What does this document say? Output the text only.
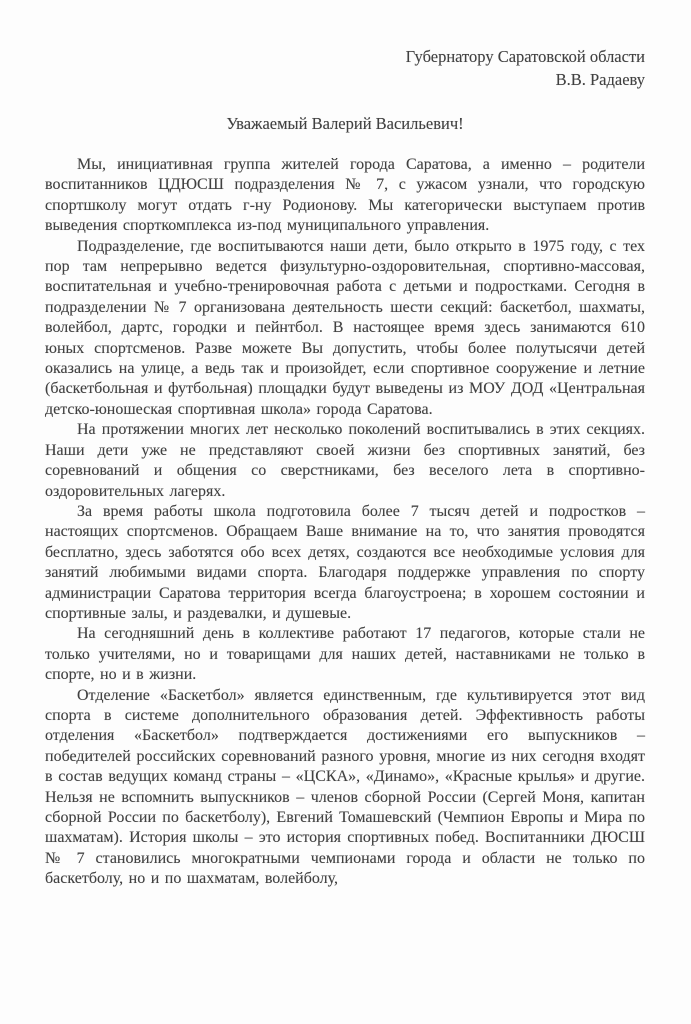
Губернатору Саратовской области
В.В. Радаеву
Уважаемый Валерий Васильевич!

Мы, инициативная группа жителей города Саратова, а именно – родители воспитанников ЦДЮСШ подразделения № 7, с ужасом узнали, что городскую спортшколу могут отдать г-ну Родионову. Мы категорически выступаем против выведения спорткомплекса из-под муниципального управления.

Подразделение, где воспитываются наши дети, было открыто в 1975 году, с тех пор там непрерывно ведется физультурно-оздоровительная, спортивно-массовая, воспитательная и учебно-тренировочная работа с детьми и подростками. Сегодня в подразделении № 7 организована деятельность шести секций: баскетбол, шахматы, волейбол, дартс, городки и пейнтбол. В настоящее время здесь занимаются 610 юных спортсменов. Разве можете Вы допустить, чтобы более полутысячи детей оказались на улице, а ведь так и произойдет, если спортивное сооружение и летние (баскетбольная и футбольная) площадки будут выведены из МОУ ДОД «Центральная детско-юношеская спортивная школа» города Саратова.

На протяжении многих лет несколько поколений воспитывались в этих секциях. Наши дети уже не представляют своей жизни без спортивных занятий, без соревнований и общения со сверстниками, без веселого лета в спортивно-оздоровительных лагерях.

За время работы школа подготовила более 7 тысяч детей и подростков – настоящих спортсменов. Обращаем Ваше внимание на то, что занятия проводятся бесплатно, здесь заботятся обо всех детях, создаются все необходимые условия для занятий любимыми видами спорта. Благодаря поддержке управления по спорту администрации Саратова территория всегда благоустроена; в хорошем состоянии и спортивные залы, и раздевалки, и душевые.

На сегодняшний день в коллективе работают 17 педагогов, которые стали не только учителями, но и товарищами для наших детей, наставниками не только в спорте, но и в жизни.

Отделение «Баскетбол» является единственным, где культивируется этот вид спорта в системе дополнительного образования детей. Эффективность работы отделения «Баскетбол» подтверждается достижениями его выпускников – победителей российских соревнований разного уровня, многие из них сегодня входят в состав ведущих команд страны – «ЦСКА», «Динамо», «Красные крылья» и другие. Нельзя не вспомнить выпускников – членов сборной России (Сергей Моня, капитан сборной России по баскетболу), Евгений Томашевский (Чемпион Европы и Мира по шахматам). История школы – это история спортивных побед. Воспитанники ДЮСШ № 7 становились многократными чемпионами города и области не только по баскетболу, но и по шахматам, волейболу,
